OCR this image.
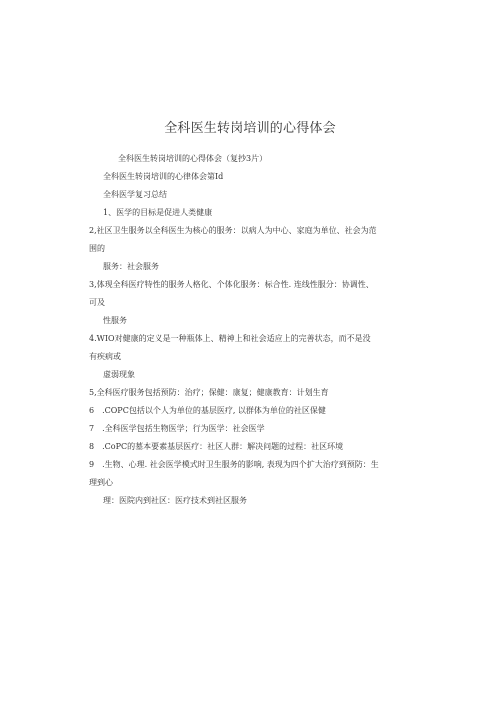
全科医生转岗培训的心得体会
全科医生转岗培训的心得体会（复抄3片）
全科医生转岗培训的心律体会第Id
全科医学复习总结
1、医学的目标是促进人类健康
2,社区卫生服务以全科医生为核心的服务：以病人为中心、家庭为单位、社会为范
围的
服务：社会服务
3,体现全科医疗特性的服务人格化、个体化服务：标合性. 连线性服分：协调性、
可及
性服务
4.WIO对健康的定义是一种瓶体上、精神上和社会适应上的完善状态，而不是没
有疾病或
虚弱现象
5,全科医疗服务包括预防：治疗；保健：康复；健康教育：计划生育
6　.COPC包括以个人为单位的基层医疗, 以群体为单位的社区保健
7　.全科医学包括生物医学；行为医学：社会医学
8　.CoPC的墓本要素基层医疗：社区人群：解决问题的过程：社区环境
9　.生物、心理. 社会医学模式时卫生服务的影响, 表现为四个扩大治疗到预防：生
理到心
理：医院内到社区：医疗技术到社区服务
